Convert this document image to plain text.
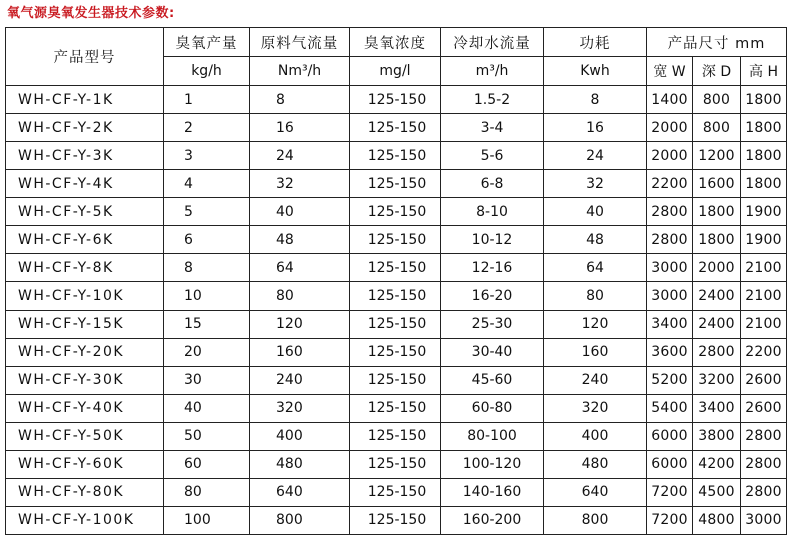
氧气源臭氧发生器技术参数:
产品型号	臭氧产量	原料气流量	臭氧浓度	冷却水流量	功耗	产品尺寸 mm		
	kg/h	Nm³/h	mg/l	m³/h	Kwh	宽 W	深 D	高 H
WH-CF-Y-1K	1	8	125-150	1.5-2	8	1400	800	1800
WH-CF-Y-2K	2	16	125-150	3-4	16	2000	800	1800
WH-CF-Y-3K	3	24	125-150	5-6	24	2000	1200	1800
WH-CF-Y-4K	4	32	125-150	6-8	32	2200	1600	1800
WH-CF-Y-5K	5	40	125-150	8-10	40	2800	1800	1900
WH-CF-Y-6K	6	48	125-150	10-12	48	2800	1800	1900
WH-CF-Y-8K	8	64	125-150	12-16	64	3000	2000	2100
WH-CF-Y-10K	10	80	125-150	16-20	80	3000	2400	2100
WH-CF-Y-15K	15	120	125-150	25-30	120	3400	2400	2100
WH-CF-Y-20K	20	160	125-150	30-40	160	3600	2800	2200
WH-CF-Y-30K	30	240	125-150	45-60	240	5200	3200	2600
WH-CF-Y-40K	40	320	125-150	60-80	320	5400	3400	2600
WH-CF-Y-50K	50	400	125-150	80-100	400	6000	3800	2800
WH-CF-Y-60K	60	480	125-150	100-120	480	6000	4200	2800
WH-CF-Y-80K	80	640	125-150	140-160	640	7200	4500	2800
WH-CF-Y-100K	100	800	125-150	160-200	800	7200	4800	3000
